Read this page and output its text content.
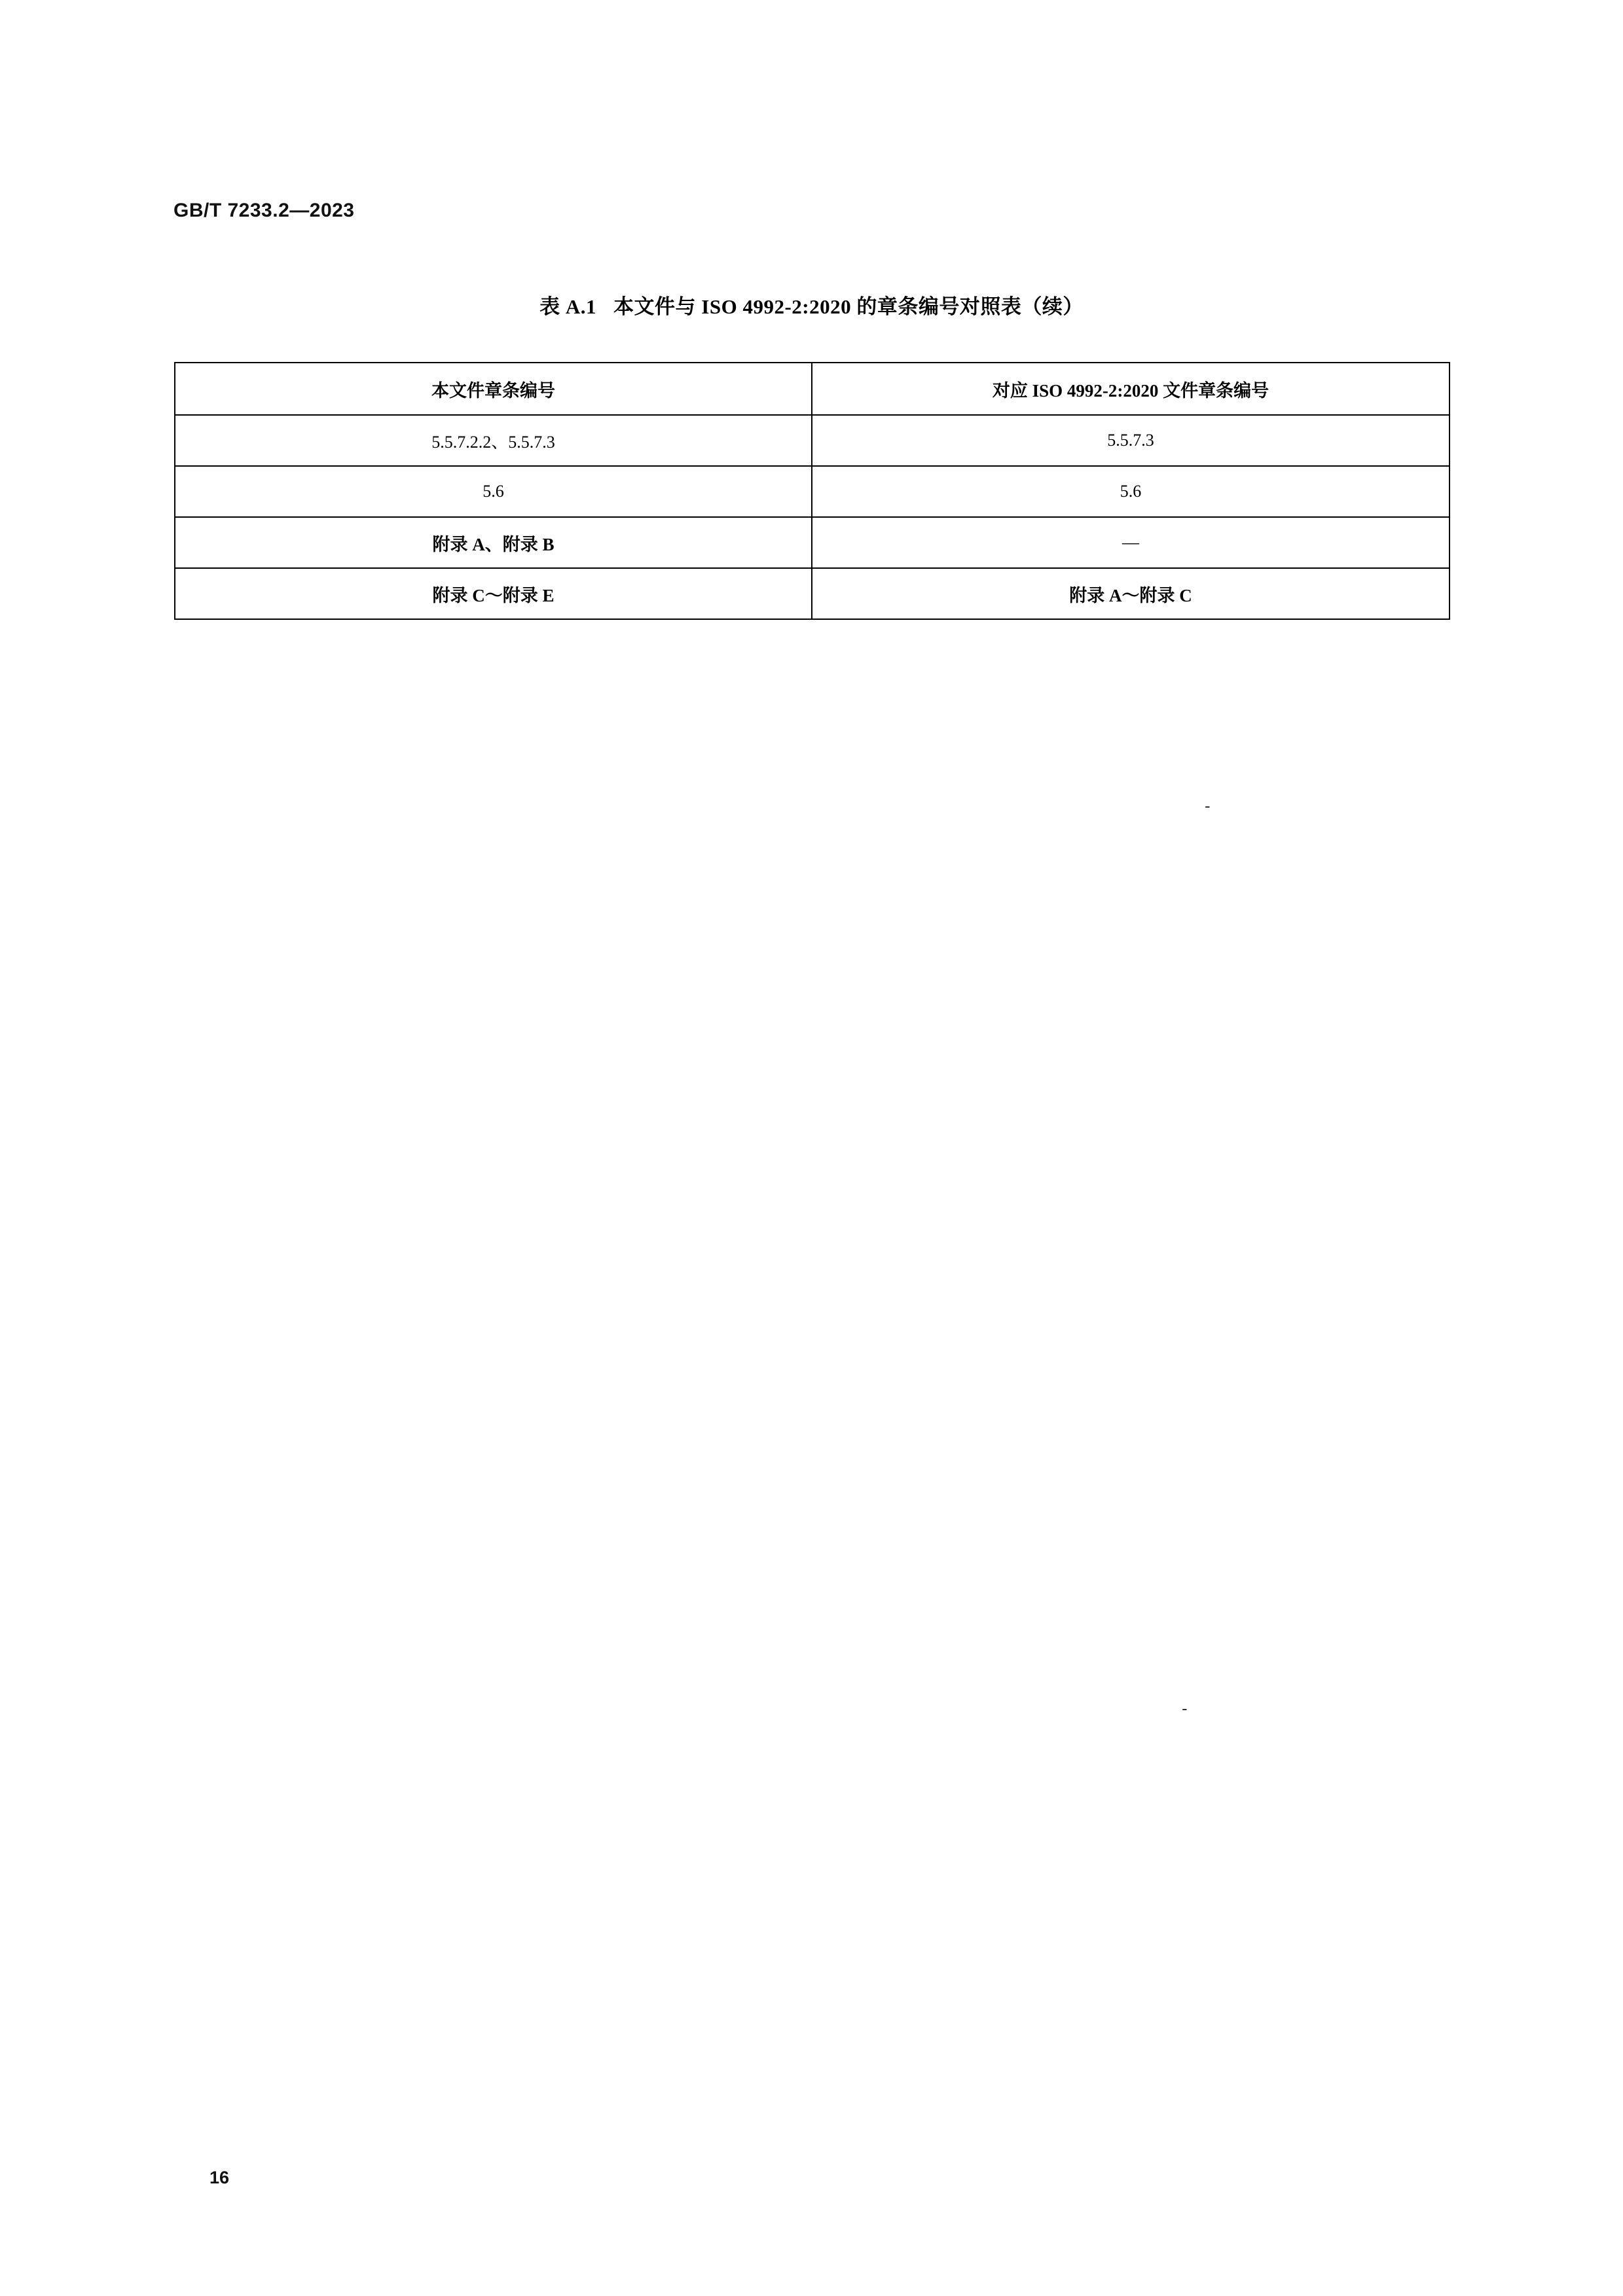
GB/T 7233.2—2023
表 A.1 本文件与 ISO 4992-2:2020 的章条编号对照表（续）
本文件章条编号	对应 ISO 4992-2:2020 文件章条编号
5.5.7.2.2、5.5.7.3	5.5.7.3
5.6	5.6
附录 A、附录 B	—
附录 C～附录 E	附录 A～附录 C
-
-
16
